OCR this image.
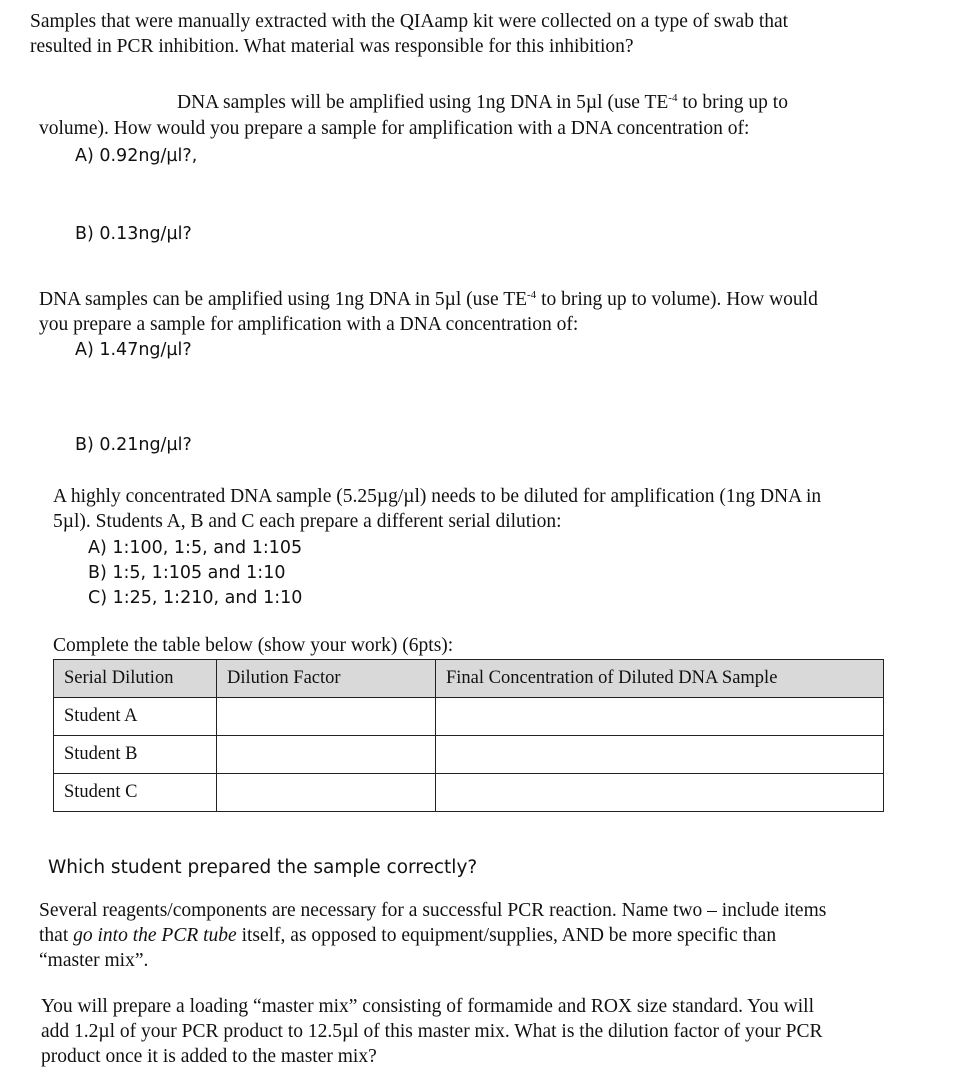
Samples that were manually extracted with the QIAamp kit were collected on a type of swab that
resulted in PCR inhibition. What material was responsible for this inhibition?
DNA samples will be amplified using 1ng DNA in 5µl (use $TE^{-4}$ to bring up to
volume). How would you prepare a sample for amplification with a DNA concentration of:
A) 0.92ng/µl?,
B) 0.13ng/µl?
DNA samples can be amplified using 1ng DNA in 5µl (use $TE^{-4}$ to bring up to volume). How would
you prepare a sample for amplification with a DNA concentration of:
A) 1.47ng/µl?
B) 0.21ng/µl?
A highly concentrated DNA sample (5.25µg/µl) needs to be diluted for amplification (1ng DNA in
5µl). Students A, B and C each prepare a different serial dilution:
A) 1:100, 1:5, and 1:105
B) 1:5, 1:105 and 1:10
C) 1:25, 1:210, and 1:10
Complete the table below (show your work) (6pts):
Serial Dilution	Dilution Factor	Final Concentration of Diluted DNA Sample
Student A		
Student B		
Student C		
Which student prepared the sample correctly?
Several reagents/components are necessary for a successful PCR reaction. Name two – include items
that go into the PCR tube itself, as opposed to equipment/supplies, AND be more specific than
“master mix”.
You will prepare a loading “master mix” consisting of formamide and ROX size standard. You will
add 1.2µl of your PCR product to 12.5µl of this master mix. What is the dilution factor of your PCR
product once it is added to the master mix?
